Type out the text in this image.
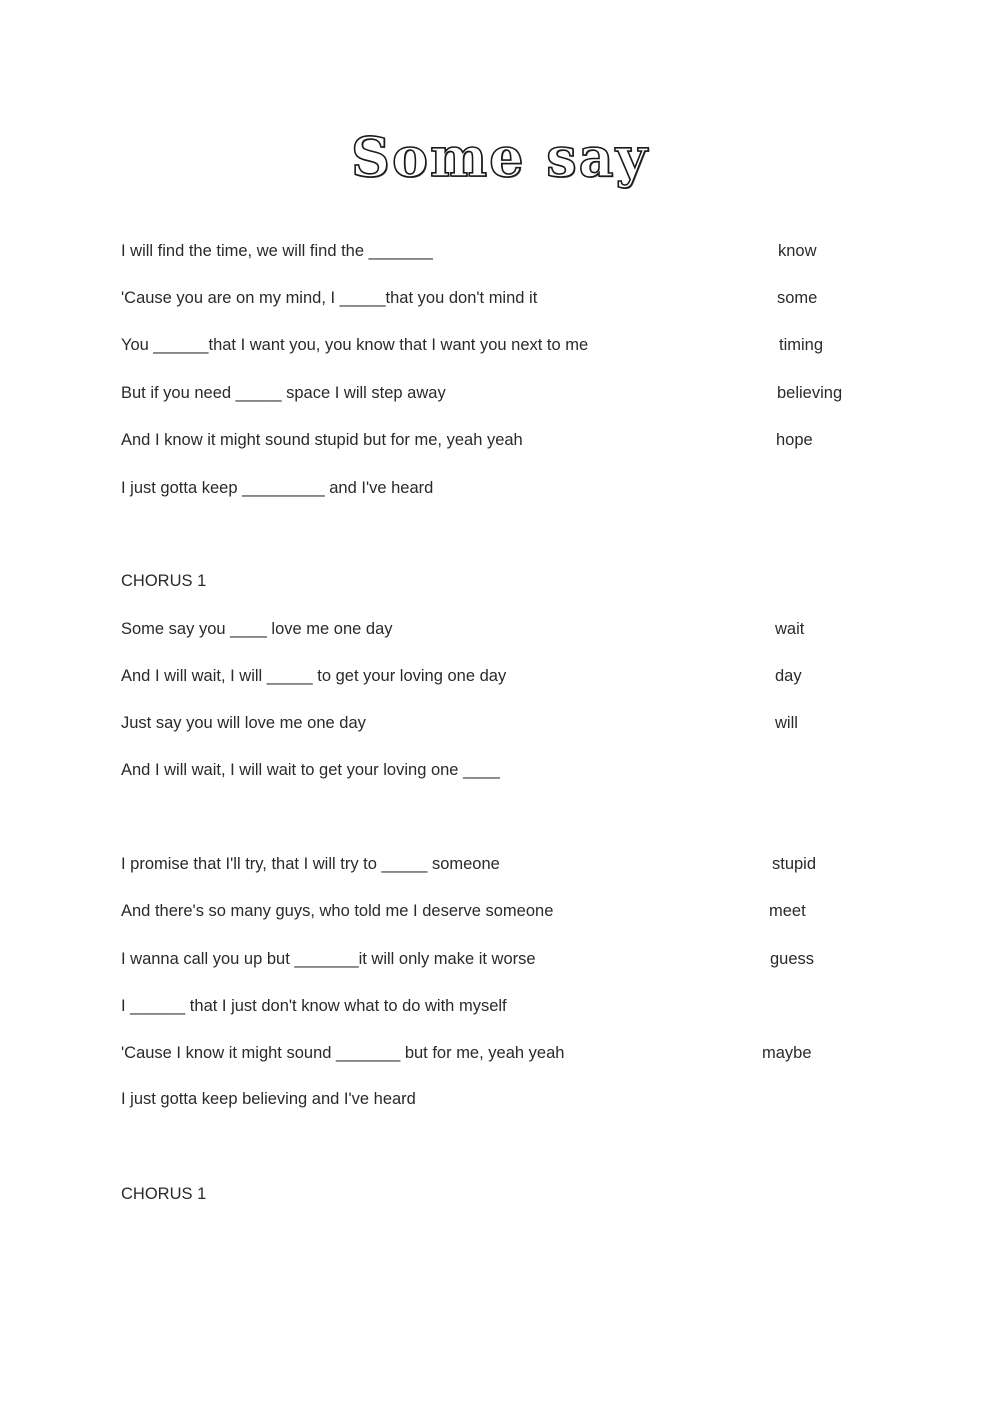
Some say
I will find the time, we will find the _______
'Cause you are on my mind, I _____that you don't mind it
You ______that I want you, you know that I want you next to me
But if you need _____ space I will step away
And I know it might sound stupid but for me, yeah yeah
I just gotta keep _________ and I've heard
know
some
timing
believing
hope
CHORUS 1
Some say you ____ love me one day
And I will wait, I will _____ to get your loving one day
Just say you will love me one day
And I will wait, I will wait to get your loving one ____
wait
day
will
I promise that I'll try, that I will try to _____ someone
And there's so many guys, who told me I deserve someone
I wanna call you up but _______it will only make it worse
I ______ that I just don't know what to do with myself
'Cause I know it might sound _______ but for me, yeah yeah
I just gotta keep believing and I've heard
stupid
meet
guess
maybe
CHORUS 1
